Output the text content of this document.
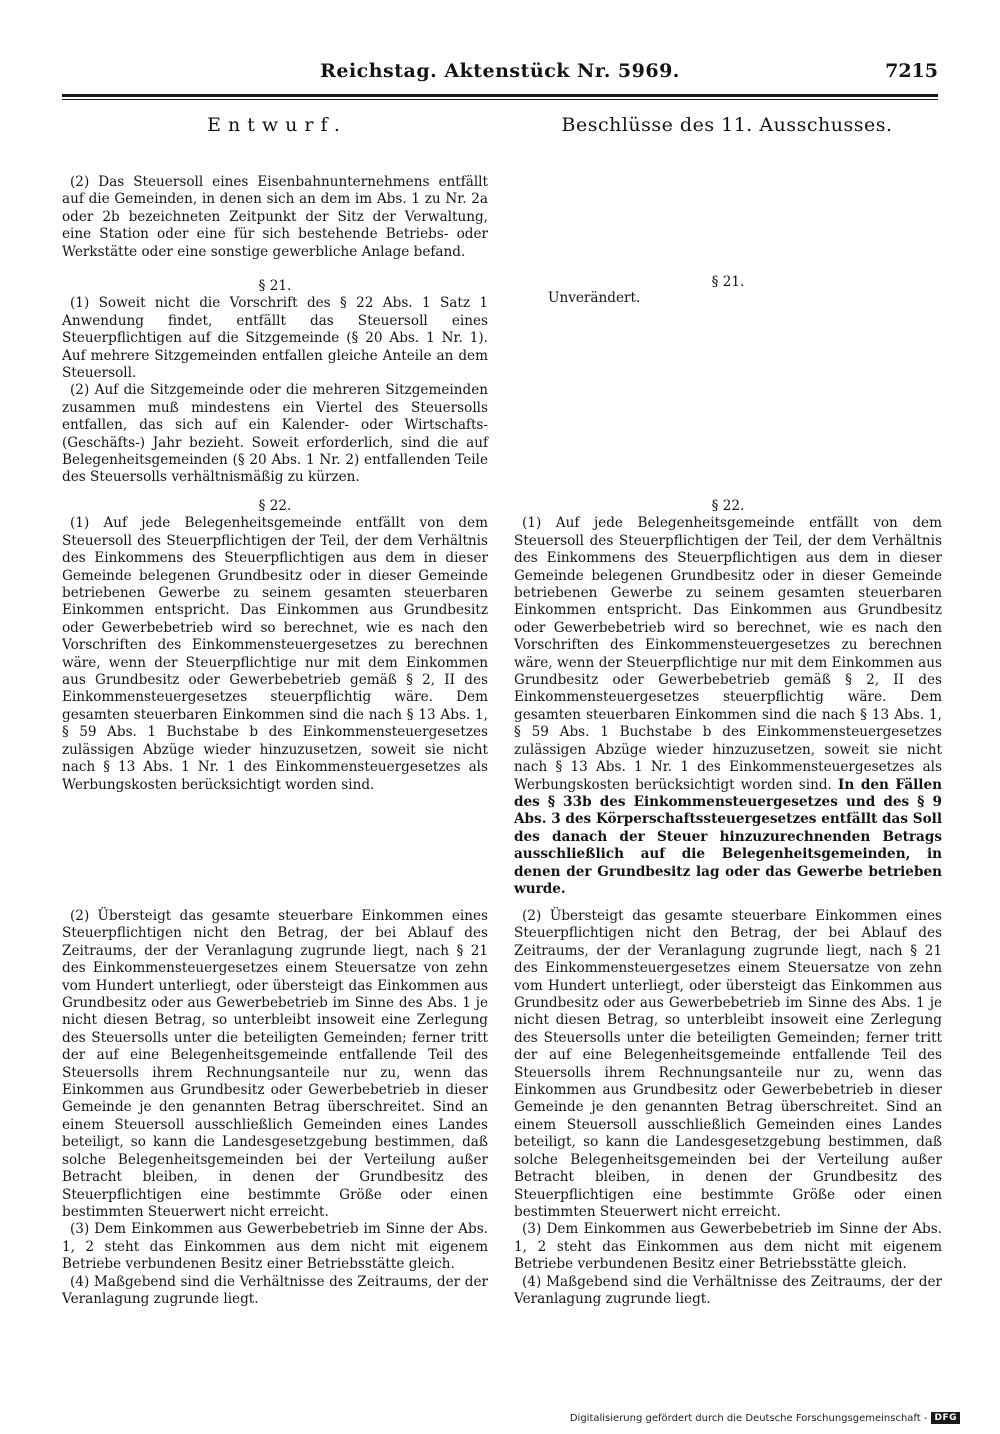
Reichstag. Aktenstück Nr. 5969.	7215
Entwurf.	Beschlüsse des 11. Ausschusses.

(2) Das Steuersoll eines Eisenbahnunternehmens entfällt auf die Gemeinden, in denen sich an dem im Abs. 1 zu Nr. 2a oder 2b bezeichneten Zeitpunkt der Sitz der Verwaltung, eine Station oder eine für sich bestehende Betriebs- oder Werkstätte oder eine sonstige gewerbliche Anlage befand.

§ 21.

(1) Soweit nicht die Vorschrift des § 22 Abs. 1 Satz 1 Anwendung findet, entfällt das Steuersoll eines Steuerpflichtigen auf die Sitzgemeinde (§ 20 Abs. 1 Nr. 1). Auf mehrere Sitzgemeinden entfallen gleiche Anteile an dem Steuersoll.

(2) Auf die Sitzgemeinde oder die mehreren Sitzgemeinden zusammen muß mindestens ein Viertel des Steuersolls entfallen, das sich auf ein Kalender- oder Wirtschafts- (Geschäfts-) Jahr bezieht. Soweit erforderlich, sind die auf Belegenheitsgemeinden (§ 20 Abs. 1 Nr. 2) entfallenden Teile des Steuersolls verhältnismäßig zu kürzen.

§ 22.

(1) Auf jede Belegenheitsgemeinde entfällt von dem Steuersoll des Steuerpflichtigen der Teil, der dem Verhältnis des Einkommens des Steuerpflichtigen aus dem in dieser Gemeinde belegenen Grundbesitz oder in dieser Gemeinde betriebenen Gewerbe zu seinem gesamten steuerbaren Einkommen entspricht. Das Einkommen aus Grundbesitz oder Gewerbebetrieb wird so berechnet, wie es nach den Vorschriften des Einkommensteuergesetzes zu berechnen wäre, wenn der Steuerpflichtige nur mit dem Einkommen aus Grundbesitz oder Gewerbebetrieb gemäß § 2, II des Einkommensteuergesetzes steuerpflichtig wäre. Dem gesamten steuerbaren Einkommen sind die nach § 13 Abs. 1, § 59 Abs. 1 Buchstabe b des Einkommensteuergesetzes zulässigen Abzüge wieder hinzuzusetzen, soweit sie nicht nach § 13 Abs. 1 Nr. 1 des Einkommensteuergesetzes als Werbungskosten berücksichtigt worden sind.

(2) Übersteigt das gesamte steuerbare Einkommen eines Steuerpflichtigen nicht den Betrag, der bei Ablauf des Zeitraums, der der Veranlagung zugrunde liegt, nach § 21 des Einkommensteuergesetzes einem Steuersatze von zehn vom Hundert unterliegt, oder übersteigt das Einkommen aus Grundbesitz oder aus Gewerbebetrieb im Sinne des Abs. 1 je nicht diesen Betrag, so unterbleibt insoweit eine Zerlegung des Steuersolls unter die beteiligten Gemeinden; ferner tritt der auf eine Belegenheitsgemeinde entfallende Teil des Steuersolls ihrem Rechnungsanteile nur zu, wenn das Einkommen aus Grundbesitz oder Gewerbebetrieb in dieser Gemeinde je den genannten Betrag überschreitet. Sind an einem Steuersoll ausschließlich Gemeinden eines Landes beteiligt, so kann die Landesgesetzgebung bestimmen, daß solche Belegenheitsgemeinden bei der Verteilung außer Betracht bleiben, in denen der Grundbesitz des Steuerpflichtigen eine bestimmte Größe oder einen bestimmten Steuerwert nicht erreicht.

(3) Dem Einkommen aus Gewerbebetrieb im Sinne der Abs. 1, 2 steht das Einkommen aus dem nicht mit eigenem Betriebe verbundenen Besitz einer Betriebsstätte gleich.

(4) Maßgebend sind die Verhältnisse des Zeitraums, der der Veranlagung zugrunde liegt.

§ 21.

Unverändert.

§ 22.

(1) Auf jede Belegenheitsgemeinde entfällt von dem Steuersoll des Steuerpflichtigen der Teil, der dem Verhältnis des Einkommens des Steuerpflichtigen aus dem in dieser Gemeinde belegenen Grundbesitz oder in dieser Gemeinde betriebenen Gewerbe zu seinem gesamten steuerbaren Einkommen entspricht. Das Einkommen aus Grundbesitz oder Gewerbebetrieb wird so berechnet, wie es nach den Vorschriften des Einkommensteuergesetzes zu berechnen wäre, wenn der Steuerpflichtige nur mit dem Einkommen aus Grundbesitz oder Gewerbebetrieb gemäß § 2, II des Einkommensteuergesetzes steuerpflichtig wäre. Dem gesamten steuerbaren Einkommen sind die nach § 13 Abs. 1, § 59 Abs. 1 Buchstabe b des Einkommensteuergesetzes zulässigen Abzüge wieder hinzuzusetzen, soweit sie nicht nach § 13 Abs. 1 Nr. 1 des Einkommensteuergesetzes als Werbungskosten berücksichtigt worden sind. In den Fällen des § 33b des Einkommensteuergesetzes und des § 9 Abs. 3 des Körperschaftssteuergesetzes entfällt das Soll des danach der Steuer hinzuzurechnenden Betrags ausschließlich auf die Belegenheitsgemeinden, in denen der Grundbesitz lag oder das Gewerbe betrieben wurde.

(2) Übersteigt das gesamte steuerbare Einkommen eines Steuerpflichtigen nicht den Betrag, der bei Ablauf des Zeitraums, der der Veranlagung zugrunde liegt, nach § 21 des Einkommensteuergesetzes einem Steuersatze von zehn vom Hundert unterliegt, oder übersteigt das Einkommen aus Grundbesitz oder aus Gewerbebetrieb im Sinne des Abs. 1 je nicht diesen Betrag, so unterbleibt insoweit eine Zerlegung des Steuersolls unter die beteiligten Gemeinden; ferner tritt der auf eine Belegenheitsgemeinde entfallende Teil des Steuersolls ihrem Rechnungsanteile nur zu, wenn das Einkommen aus Grundbesitz oder Gewerbebetrieb in dieser Gemeinde je den genannten Betrag überschreitet. Sind an einem Steuersoll ausschließlich Gemeinden eines Landes beteiligt, so kann die Landesgesetzgebung bestimmen, daß solche Belegenheitsgemeinden bei der Verteilung außer Betracht bleiben, in denen der Grundbesitz des Steuerpflichtigen eine bestimmte Größe oder einen bestimmten Steuerwert nicht erreicht.

(3) Dem Einkommen aus Gewerbebetrieb im Sinne der Abs. 1, 2 steht das Einkommen aus dem nicht mit eigenem Betriebe verbundenen Besitz einer Betriebsstätte gleich.

(4) Maßgebend sind die Verhältnisse des Zeitraums, der der Veranlagung zugrunde liegt.

Digitalisierung gefördert durch die Deutsche Forschungsgemeinschaft - DFG
